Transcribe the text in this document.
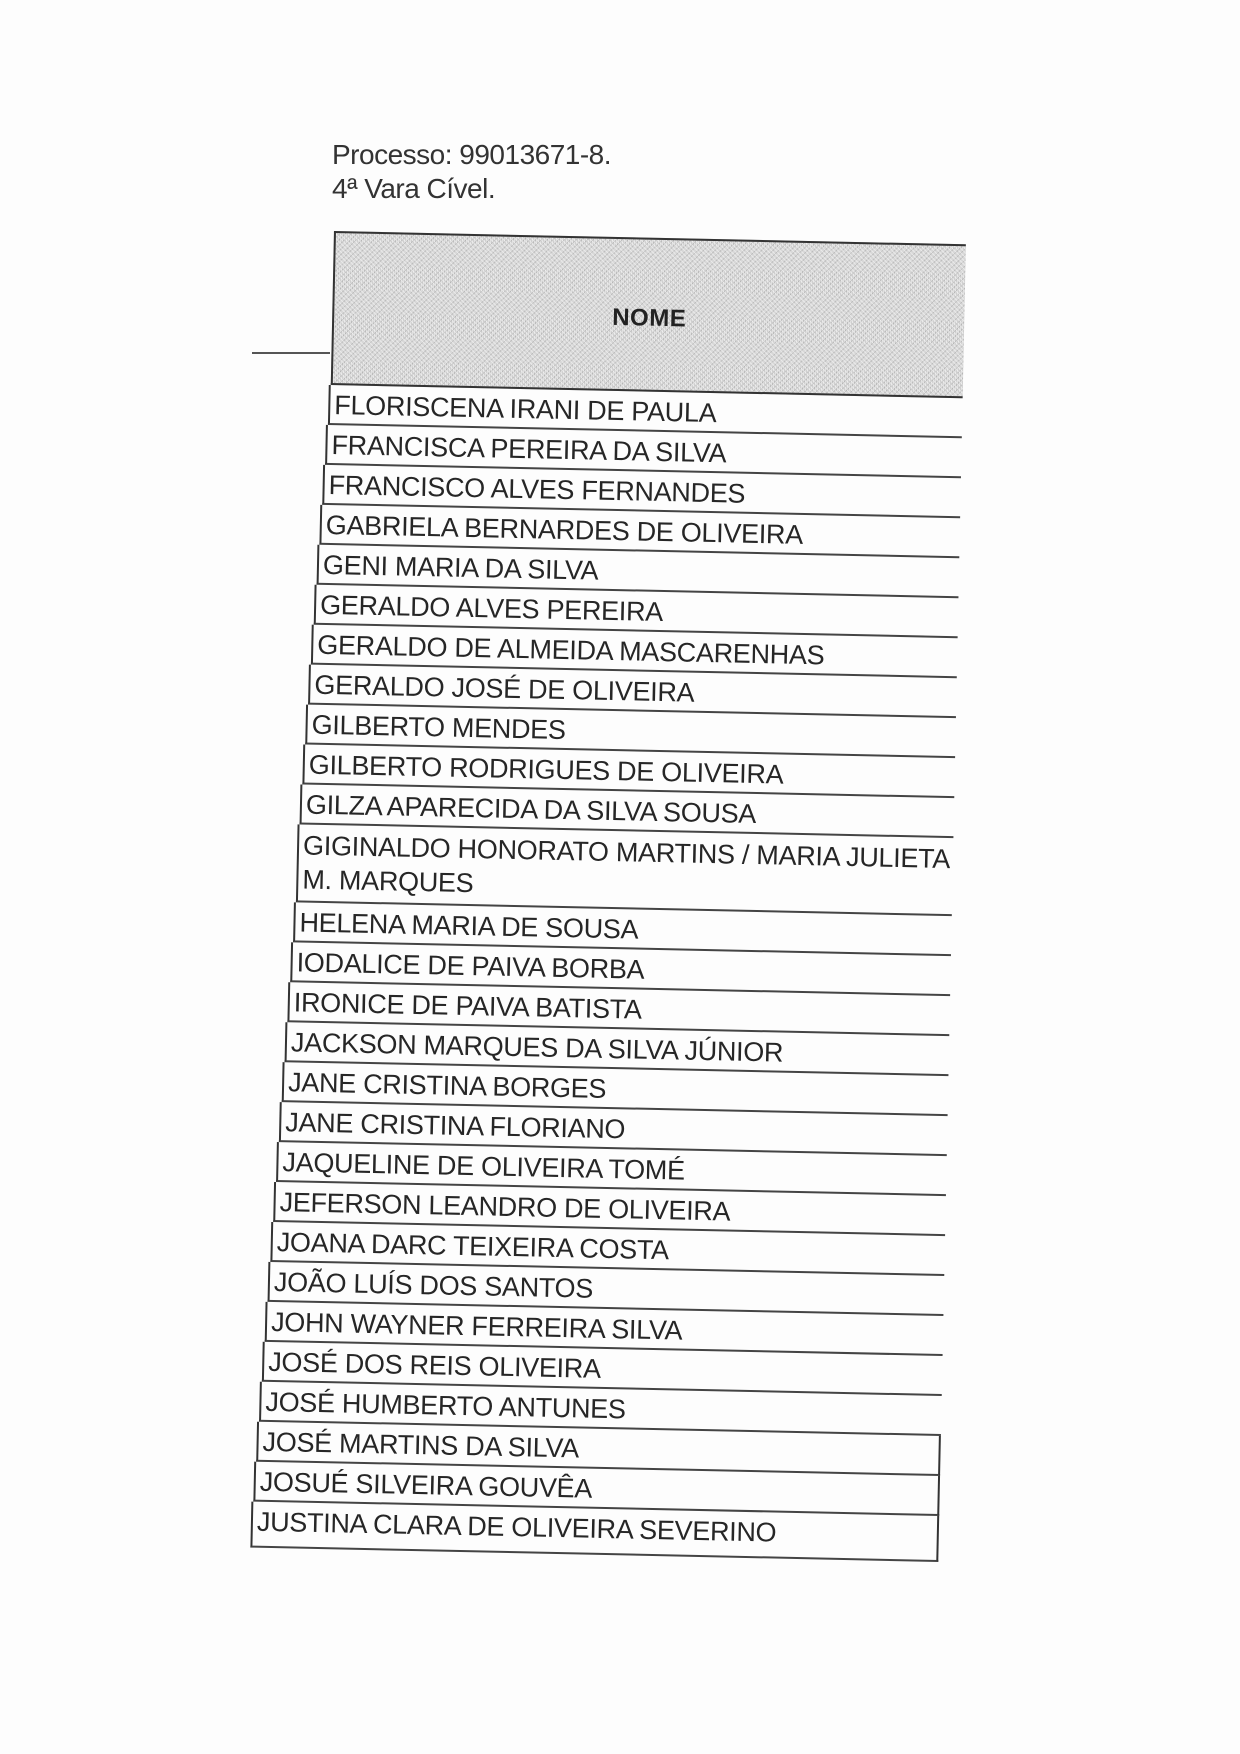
Processo: 99013671-8.
4ª Vara Cível.
NOME
FLORISCENA IRANI DE PAULA
FRANCISCA PEREIRA DA SILVA
FRANCISCO ALVES FERNANDES
GABRIELA BERNARDES DE OLIVEIRA
GENI MARIA DA SILVA
GERALDO ALVES PEREIRA
GERALDO DE ALMEIDA MASCARENHAS
GERALDO JOSÉ DE OLIVEIRA
GILBERTO MENDES
GILBERTO RODRIGUES DE OLIVEIRA
GILZA APARECIDA DA SILVA SOUSA
GIGINALDO HONORATO MARTINS / MARIA JULIETA M. MARQUES
HELENA MARIA DE SOUSA
IODALICE DE PAIVA BORBA
IRONICE DE PAIVA BATISTA
JACKSON MARQUES DA SILVA JÚNIOR
JANE CRISTINA BORGES
JANE CRISTINA FLORIANO
JAQUELINE DE OLIVEIRA TOMÉ
JEFERSON LEANDRO DE OLIVEIRA
JOANA DARC TEIXEIRA COSTA
JOÃO LUÍS DOS SANTOS
JOHN WAYNER FERREIRA SILVA
JOSÉ DOS REIS OLIVEIRA
JOSÉ HUMBERTO ANTUNES
JOSÉ MARTINS DA SILVA
JOSUÉ SILVEIRA GOUVÊA
JUSTINA CLARA DE OLIVEIRA SEVERINO
